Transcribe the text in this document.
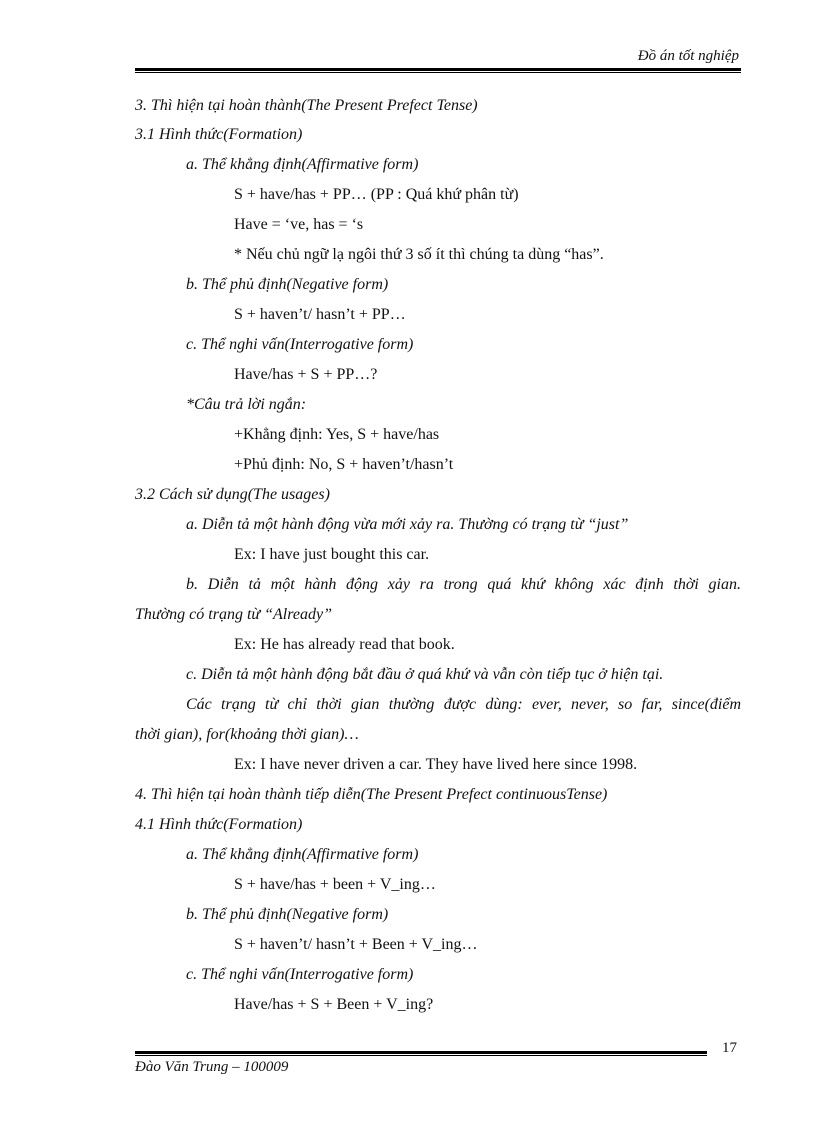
Đồ án tốt nghiệp
3. Thì hiện tại hoàn thành(The Present Prefect Tense)
3.1 Hình thức(Formation)
a. Thể khẳng định(Affirmative form)
S + have/has + PP… (PP : Quá khứ phân từ)
Have = ‘ve, has = ‘s
* Nếu chủ ngữ lạ ngôi thứ 3 số ít thì chúng ta dùng “has”.
b. Thể phủ định(Negative form)
S + haven’t/ hasn’t + PP…
c. Thể nghi vấn(Interrogative form)
Have/has + S + PP…?
*Câu trả lời ngắn:
+Khẳng định: Yes, S + have/has
+Phủ định: No, S + haven’t/hasn’t
3.2 Cách sử dụng(The usages)
a. Diễn tả một hành động vừa mới xảy ra. Thường có trạng từ “just”
Ex: I have just bought this car.
b. Diễn tả một hành động xảy ra trong quá khứ không xác định thời gian.
Thường có trạng từ “Already”
Ex: He has already read that book.
c. Diễn tả một hành động bắt đầu ở quá khứ và vẫn còn tiếp tục ở hiện tại.
Các trạng từ chỉ thời gian thường được dùng: ever, never, so far, since(điểm
thời gian), for(khoảng thời gian)…
Ex: I have never driven a car. They have lived here since 1998.
4. Thì hiện tại hoàn thành tiếp diễn(The Present Prefect continuousTense)
4.1 Hình thức(Formation)
a. Thể khẳng định(Affirmative form)
S + have/has + been + V_ing…
b. Thể phủ định(Negative form)
S + haven’t/ hasn’t + Been + V_ing…
c. Thể nghi vấn(Interrogative form)
Have/has + S + Been + V_ing?
17
Đào Văn Trung – 100009
